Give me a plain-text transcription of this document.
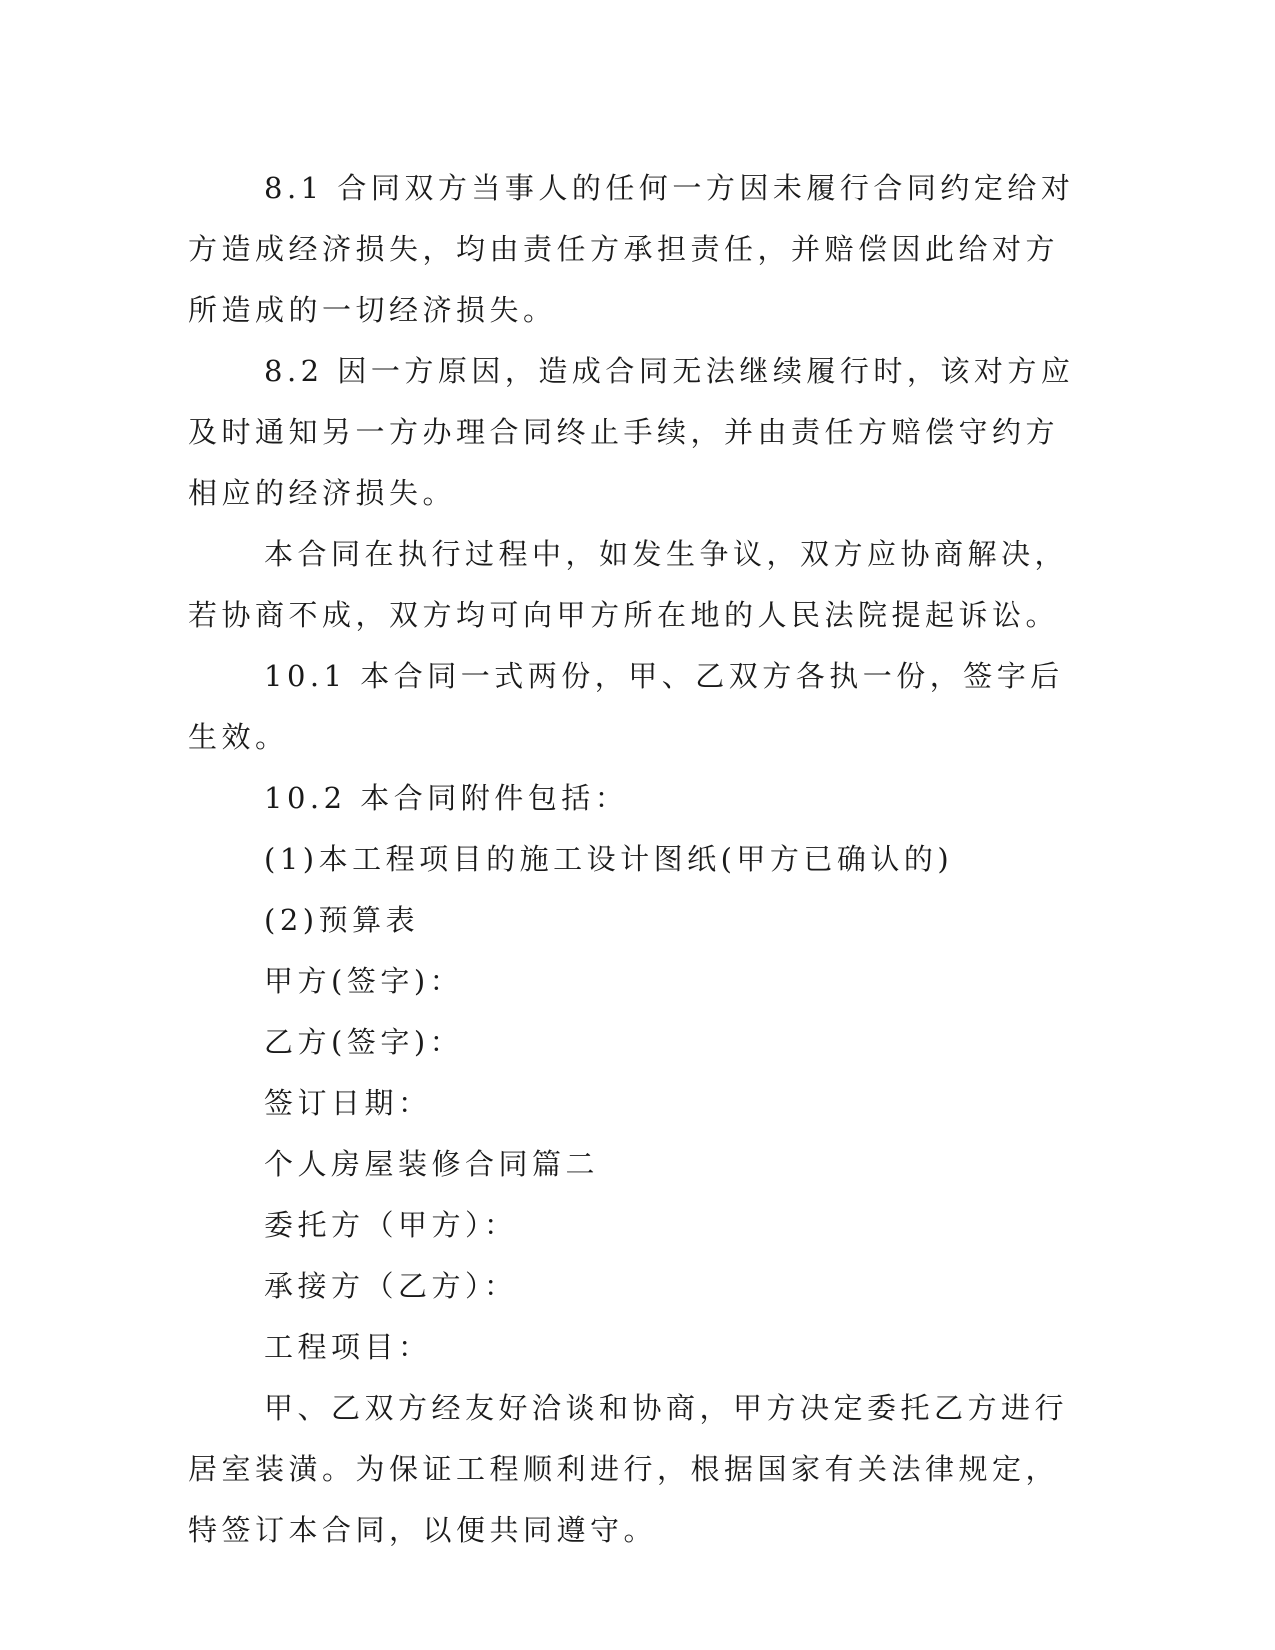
8.1 合同双方当事人的任何一方因未履行合同约定给对方造成经济损失，均由责任方承担责任，并赔偿因此给对方所造成的一切经济损失。

8.2 因一方原因，造成合同无法继续履行时，该对方应及时通知另一方办理合同终止手续，并由责任方赔偿守约方相应的经济损失。

本合同在执行过程中，如发生争议，双方应协商解决，若协商不成，双方均可向甲方所在地的人民法院提起诉讼。

10.1 本合同一式两份，甲、乙双方各执一份，签字后生效。

10.2 本合同附件包括：

(1)本工程项目的施工设计图纸(甲方已确认的)

(2)预算表

甲方(签字)：

乙方(签字)：

签订日期：

个人房屋装修合同篇二

委托方（甲方）：

承接方（乙方）：

工程项目：

甲、乙双方经友好洽谈和协商，甲方决定委托乙方进行居室装潢。为保证工程顺利进行，根据国家有关法律规定，特签订本合同，以便共同遵守。
